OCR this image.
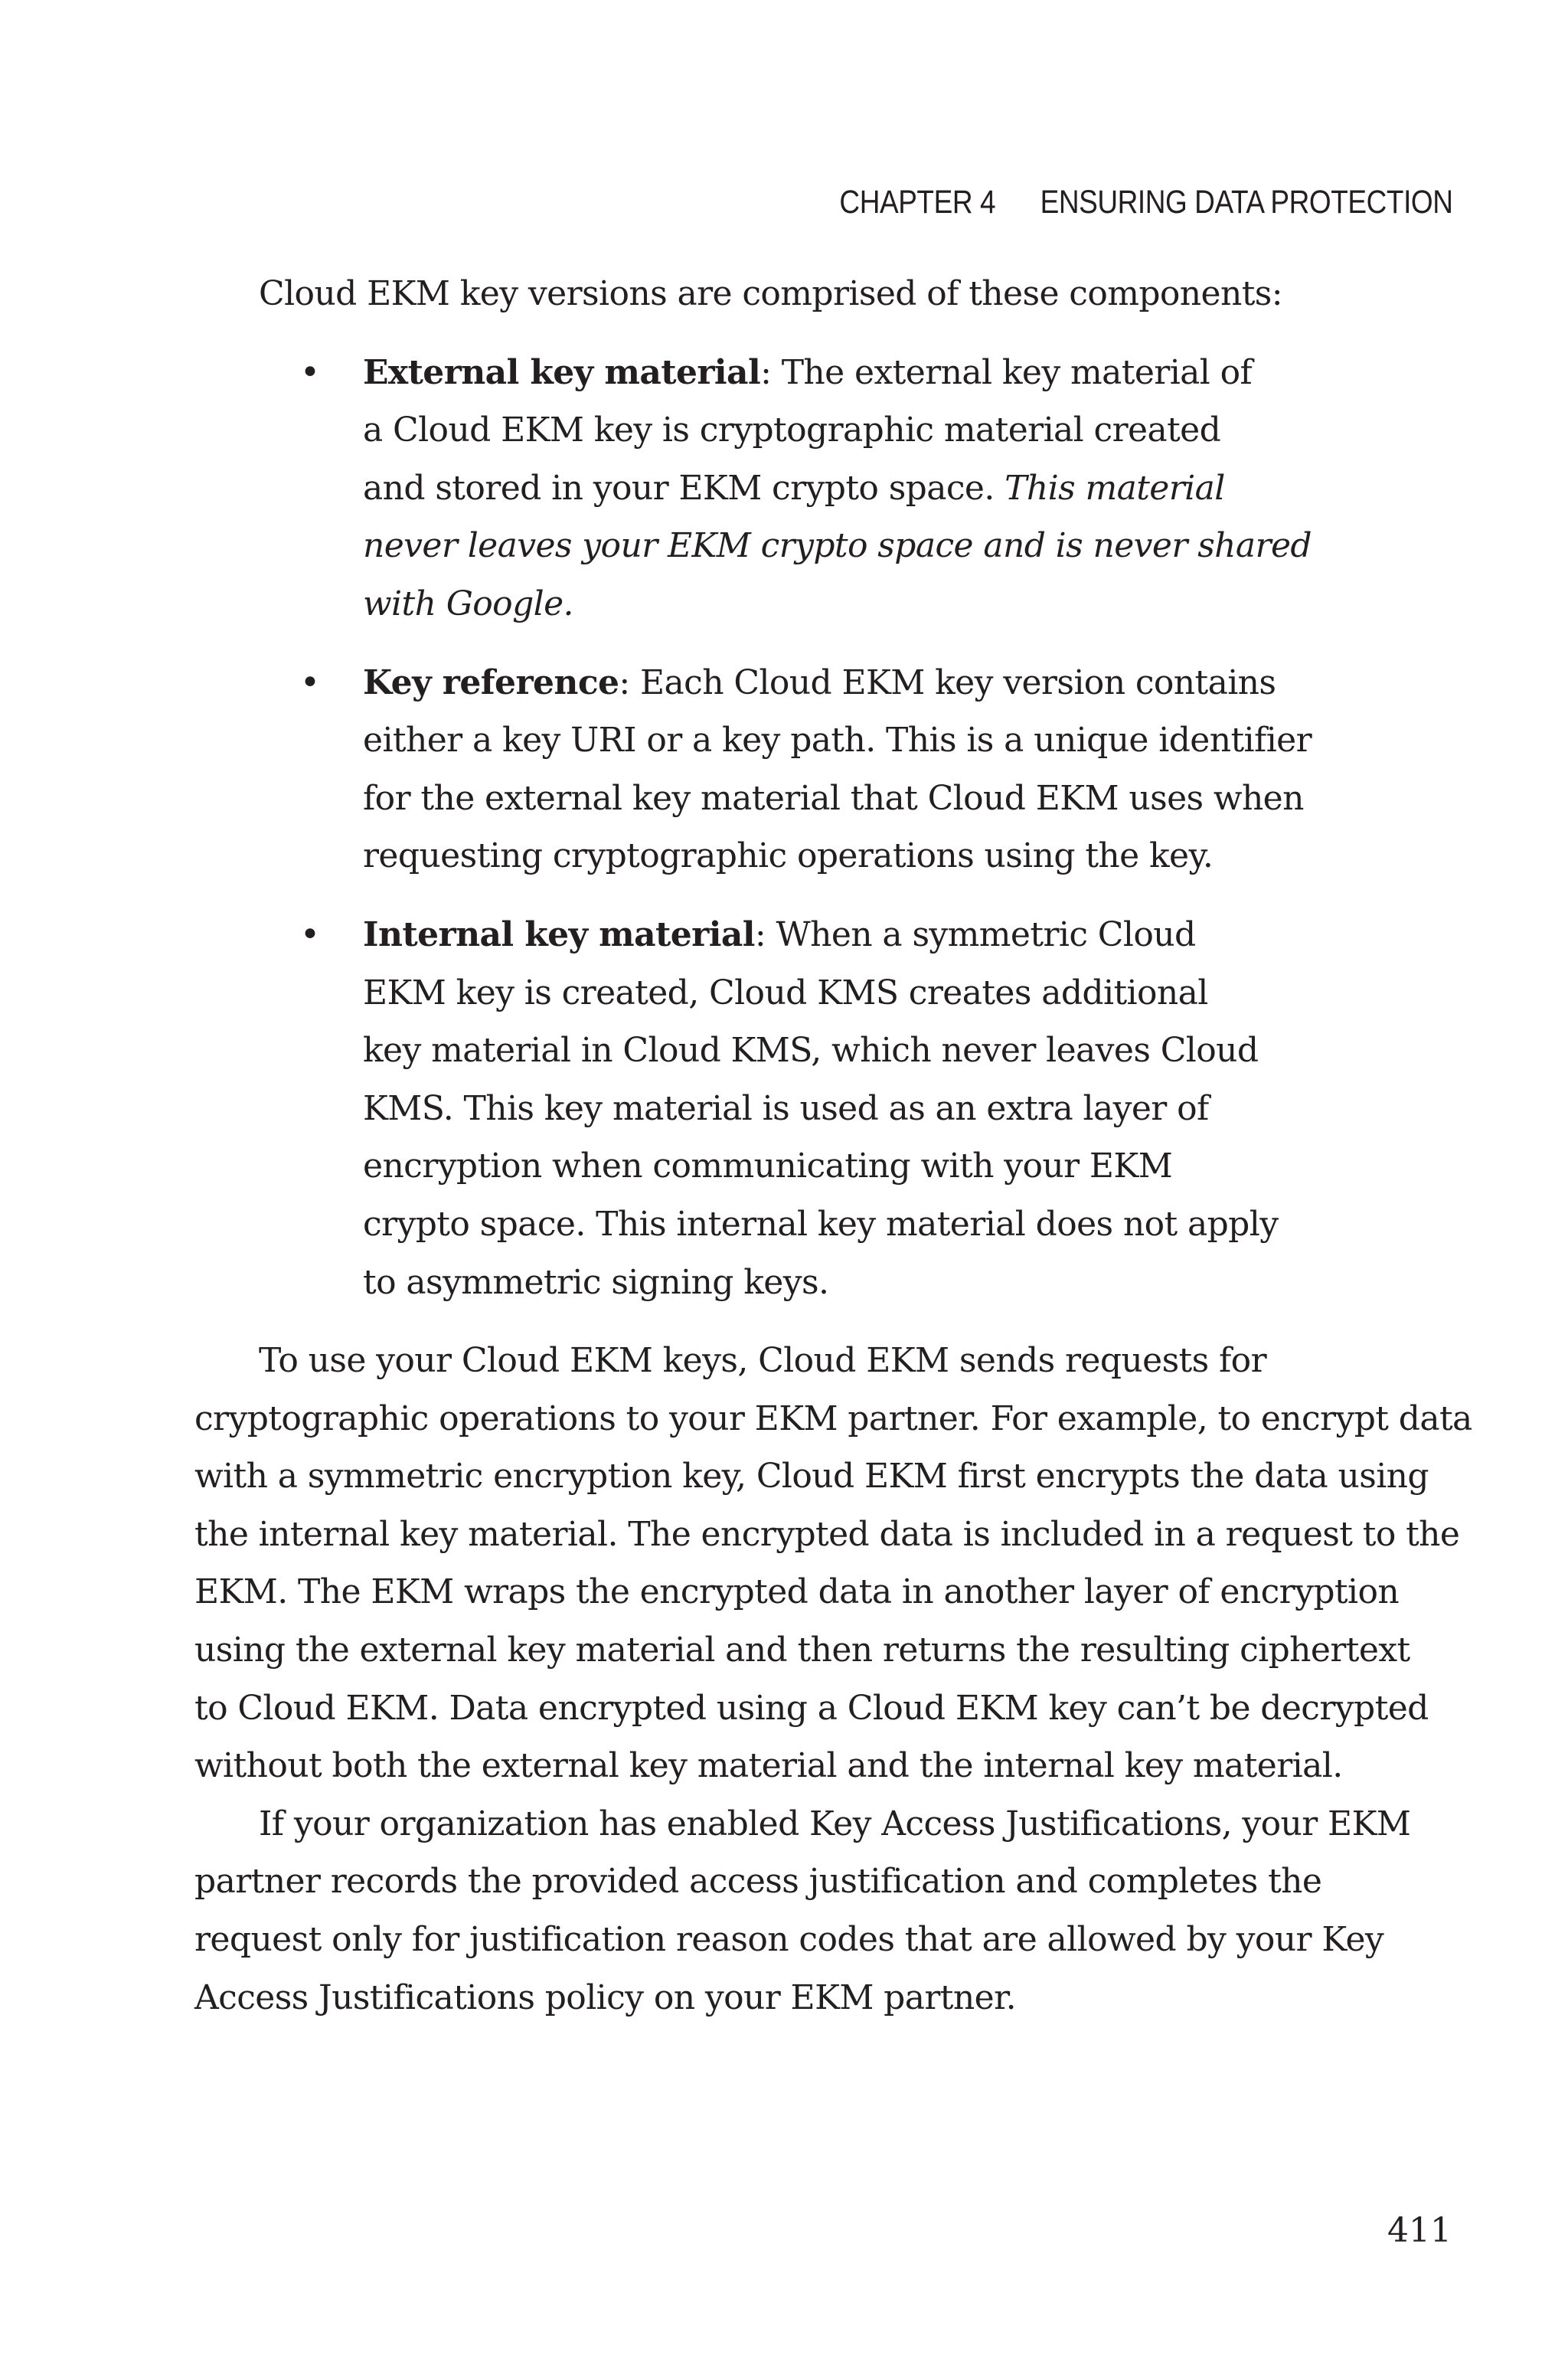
CHAPTER 4 ENSURING DATA PROTECTION

Cloud EKM key versions are comprised of these components:

• External key material: The external key material of
a Cloud EKM key is cryptographic material created
and stored in your EKM crypto space. This material
never leaves your EKM crypto space and is never shared
with Google.
• Key reference: Each Cloud EKM key version contains
either a key URI or a key path. This is a unique identifier
for the external key material that Cloud EKM uses when
requesting cryptographic operations using the key.
• Internal key material: When a symmetric Cloud
EKM key is created, Cloud KMS creates additional
key material in Cloud KMS, which never leaves Cloud
KMS. This key material is used as an extra layer of
encryption when communicating with your EKM
crypto space. This internal key material does not apply
to asymmetric signing keys.
To use your Cloud EKM keys, Cloud EKM sends requests for
cryptographic operations to your EKM partner. For example, to encrypt data
with a symmetric encryption key, Cloud EKM first encrypts the data using
the internal key material. The encrypted data is included in a request to the
EKM. The EKM wraps the encrypted data in another layer of encryption
using the external key material and then returns the resulting ciphertext
to Cloud EKM. Data encrypted using a Cloud EKM key can’t be decrypted
without both the external key material and the internal key material.
If your organization has enabled Key Access Justifications, your EKM
partner records the provided access justification and completes the
request only for justification reason codes that are allowed by your Key
Access Justifications policy on your EKM partner.
411
